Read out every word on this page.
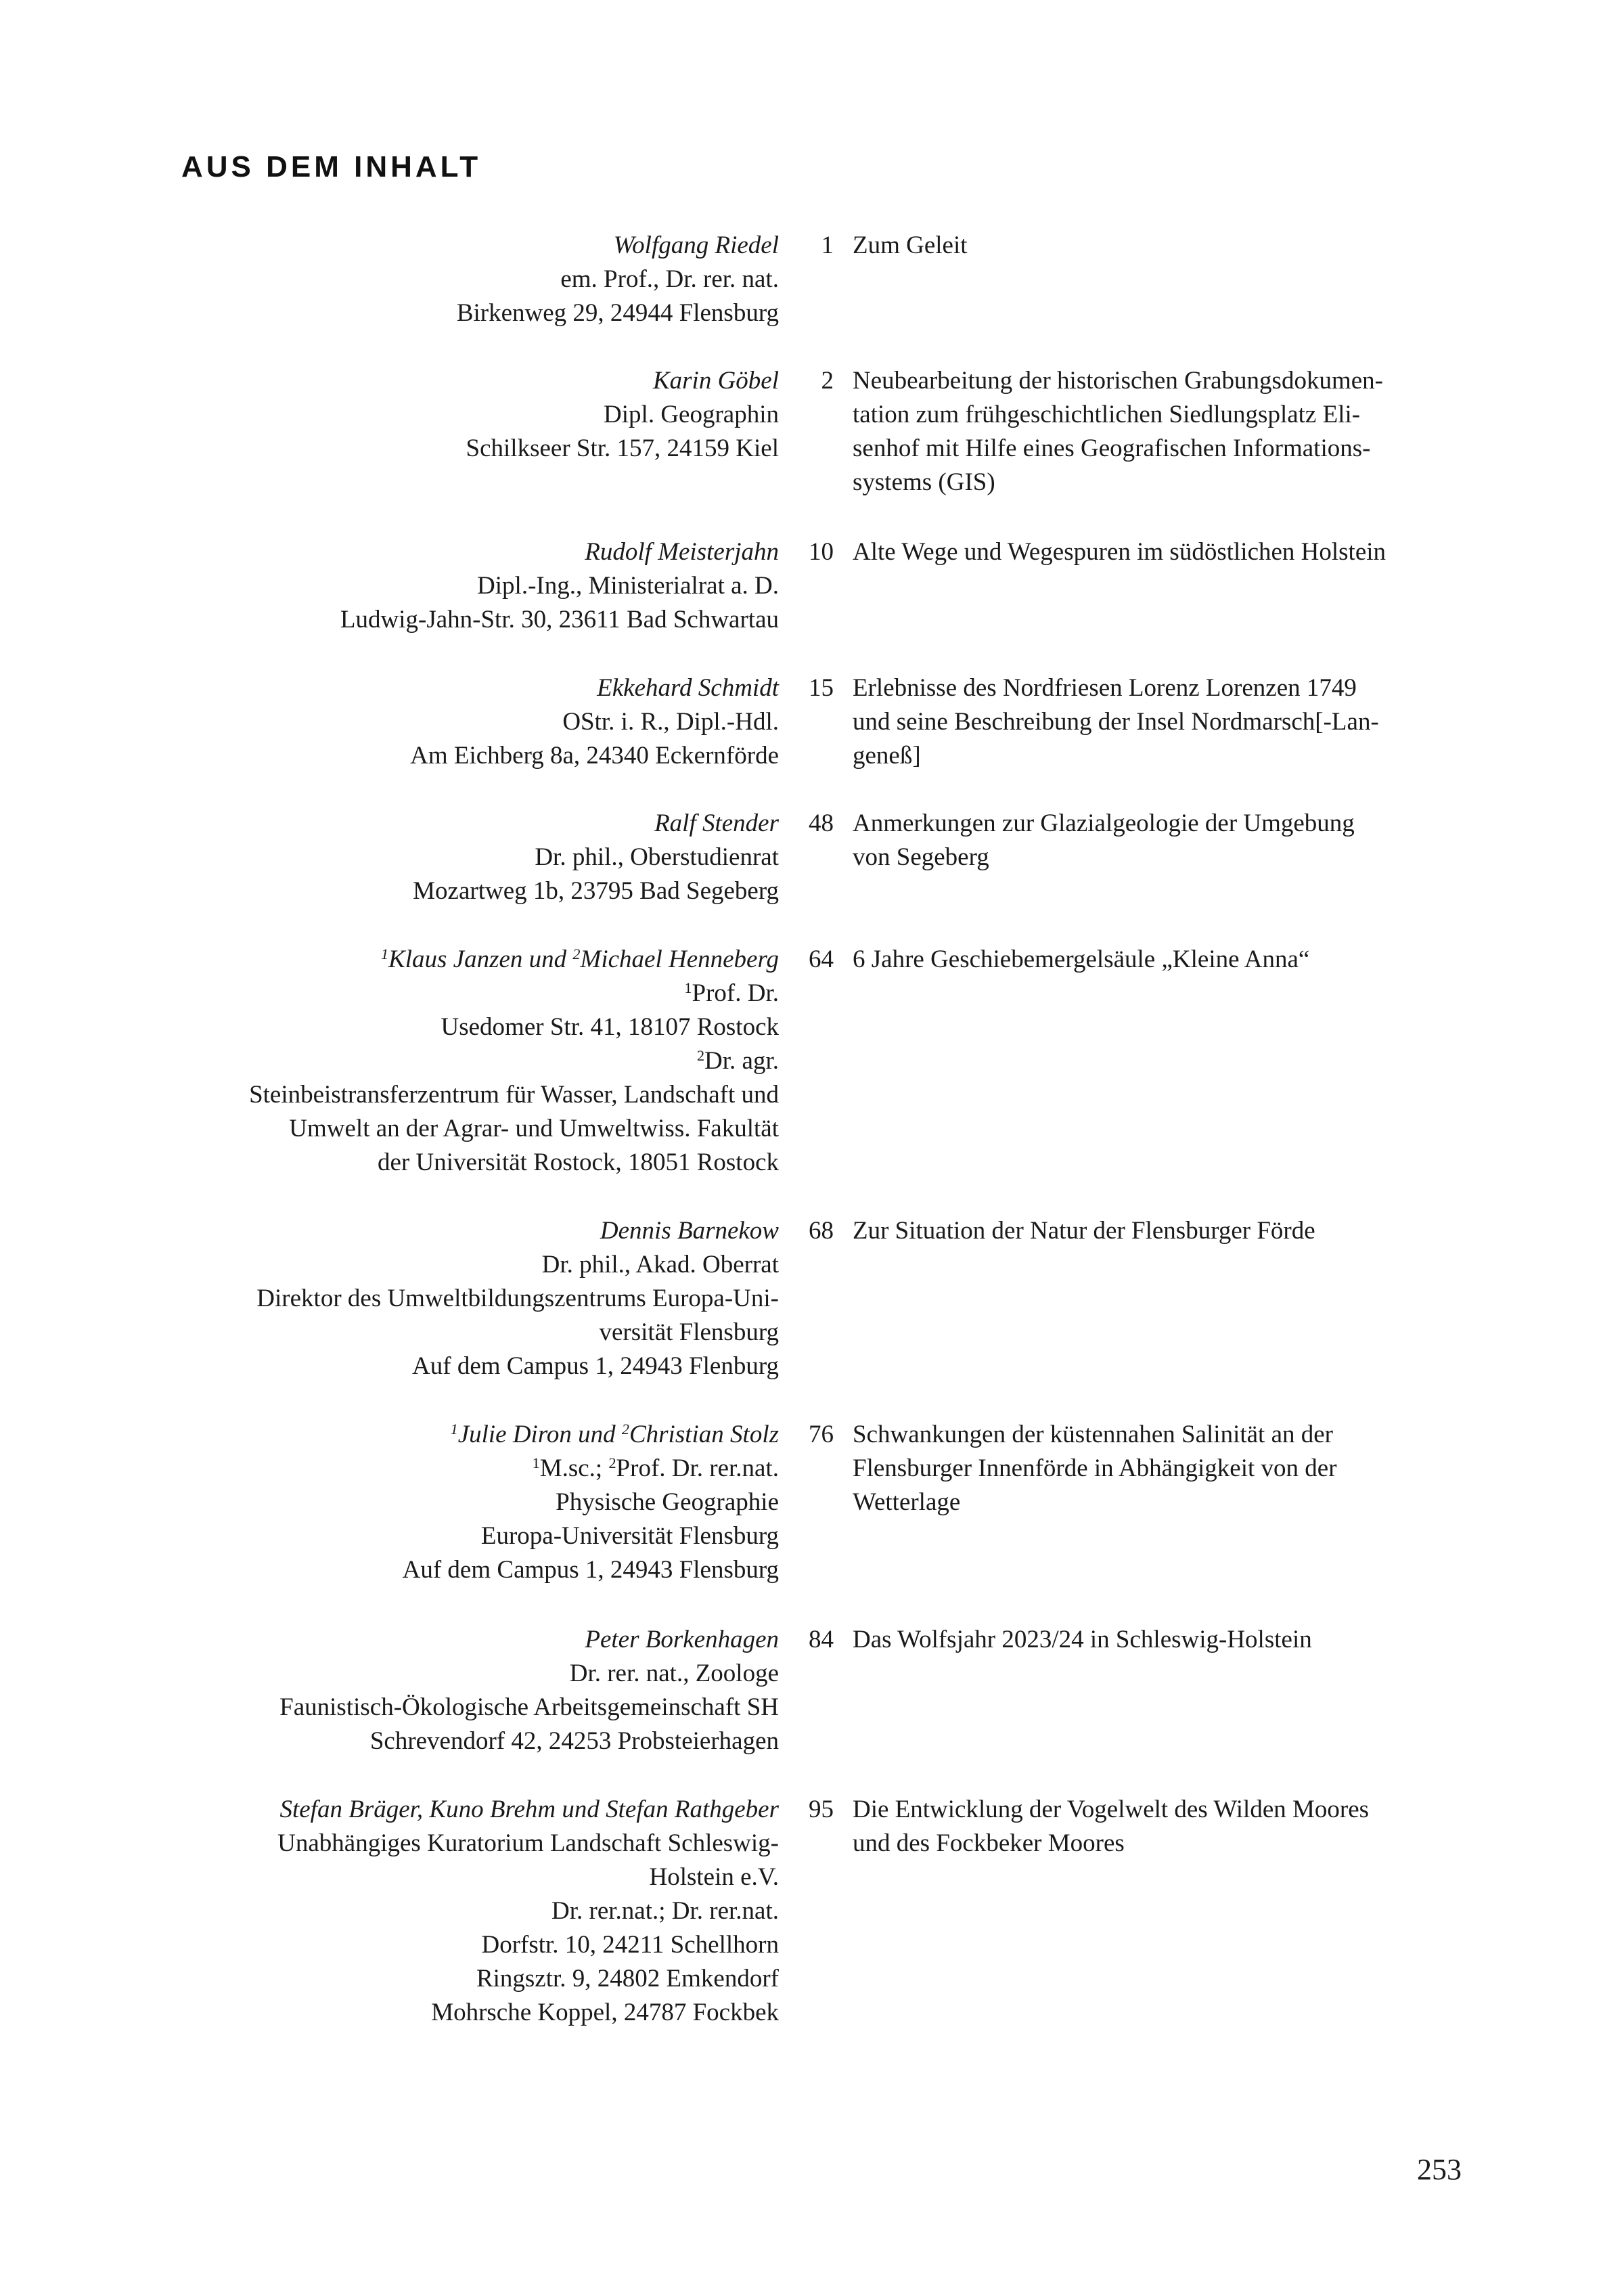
AUS DEM INHALT
Wolfgang Riedel
em. Prof., Dr. rer. nat.
Birkenweg 29, 24944 Flensburg
1 Zum Geleit
Karin Göbel
Dipl. Geographin
Schilkseer Str. 157, 24159 Kiel
2 Neubearbeitung der historischen Grabungsdokumen-
tation zum frühgeschichtlichen Siedlungsplatz Eli-
senhof mit Hilfe eines Geografischen Informations-
systems (GIS)
Rudolf Meisterjahn
Dipl.-Ing., Ministerialrat a. D.
Ludwig-Jahn-Str. 30, 23611 Bad Schwartau
10 Alte Wege und Wegespuren im südöstlichen Holstein
Ekkehard Schmidt
OStr. i. R., Dipl.-Hdl.
Am Eichberg 8a, 24340 Eckernförde
15 Erlebnisse des Nordfriesen Lorenz Lorenzen 1749
und seine Beschreibung der Insel Nordmarsch[-Lan-
geneß]
Ralf Stender
Dr. phil., Oberstudienrat
Mozartweg 1b, 23795 Bad Segeberg
48 Anmerkungen zur Glazialgeologie der Umgebung
von Segeberg
$^1$Klaus Janzen und $^2$Michael Henneberg
$^1$Prof. Dr.
Usedomer Str. 41, 18107 Rostock
$^2$Dr. agr.
Steinbeistransferzentrum für Wasser, Landschaft und
Umwelt an der Agrar- und Umweltwiss. Fakultät
der Universität Rostock, 18051 Rostock
64 6 Jahre Geschiebemergelsäule „Kleine Anna“
Dennis Barnekow
Dr. phil., Akad. Oberrat
Direktor des Umweltbildungszentrums Europa-Uni-
versität Flensburg
Auf dem Campus 1, 24943 Flenburg
68 Zur Situation der Natur der Flensburger Förde
$^1$Julie Diron und $^2$Christian Stolz
$^1$M.sc.; $^2$Prof. Dr. rer.nat.
Physische Geographie
Europa-Universität Flensburg
Auf dem Campus 1, 24943 Flensburg
76 Schwankungen der küstennahen Salinität an der
Flensburger Innenförde in Abhängigkeit von der
Wetterlage
Peter Borkenhagen
Dr. rer. nat., Zoologe
Faunistisch-Ökologische Arbeitsgemeinschaft SH
Schrevendorf 42, 24253 Probsteierhagen
84 Das Wolfsjahr 2023/24 in Schleswig-Holstein
Stefan Bräger, Kuno Brehm und Stefan Rathgeber
Unabhängiges Kuratorium Landschaft Schleswig-
Holstein e.V.
Dr. rer.nat.; Dr. rer.nat.
Dorfstr. 10, 24211 Schellhorn
Ringsztr. 9, 24802 Emkendorf
Mohrsche Koppel, 24787 Fockbek
95 Die Entwicklung der Vogelwelt des Wilden Moores
und des Fockbeker Moores
253
